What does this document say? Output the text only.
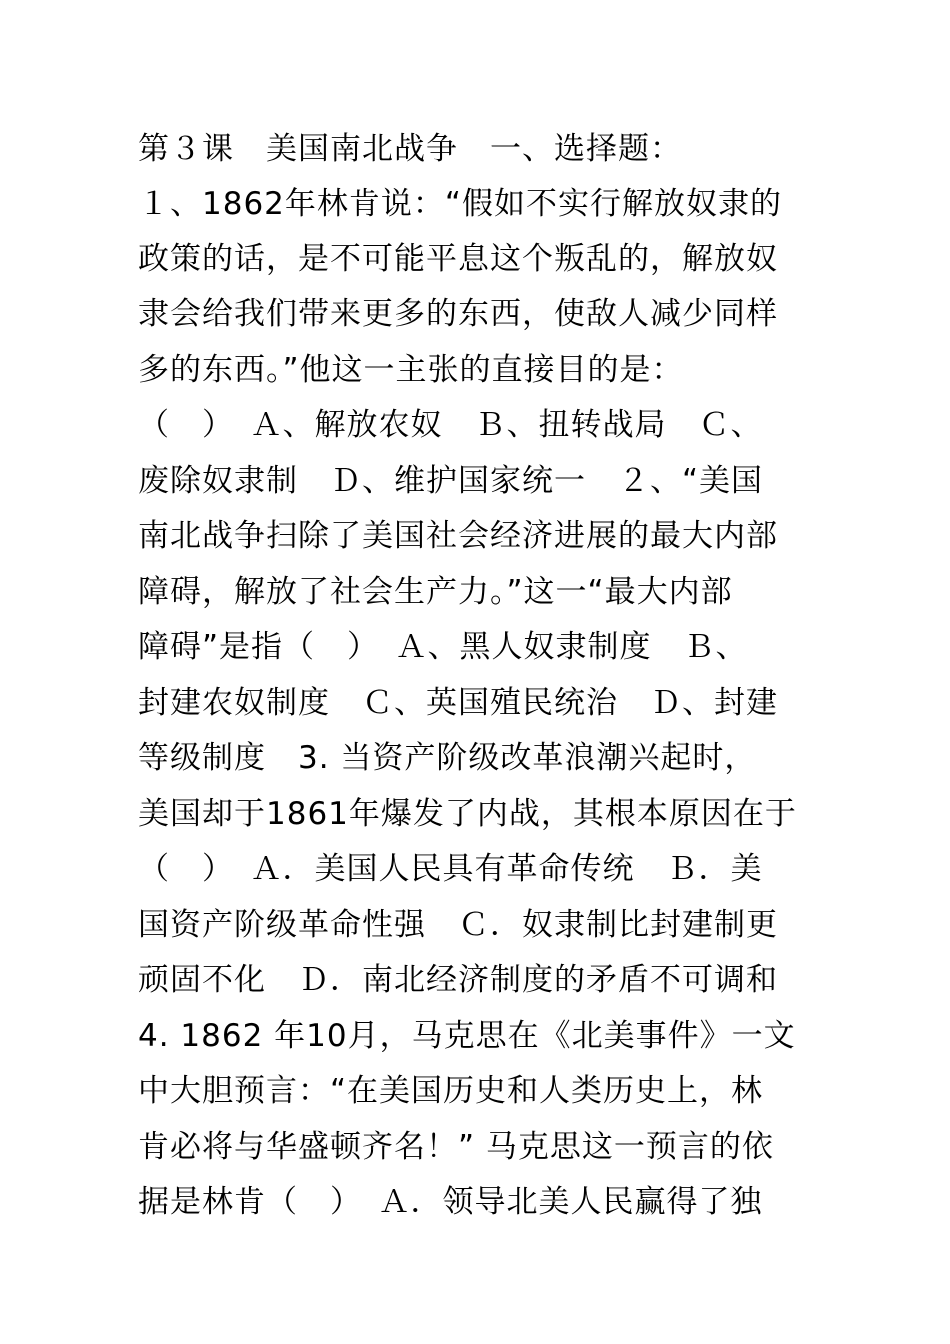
第３课　美国南北战争　一、选择题：
１、1862年林肯说：“假如不实行解放奴隶的
政策的话，是不可能平息这个叛乱的，解放奴
隶会给我们带来更多的东西，使敌人减少同样
多的东西。”他这一主张的直接目的是：
（　）　Ａ、解放农奴　Ｂ、扭转战局　Ｃ、
废除奴隶制　Ｄ、维护国家统一　２、“美国
南北战争扫除了美国社会经济进展的最大内部
障碍，解放了社会生产力。”这一“最大内部
障碍”是指（　）　Ａ、黑人奴隶制度　Ｂ、
封建农奴制度　Ｃ、英国殖民统治　Ｄ、封建
等级制度　3. 当资产阶级改革浪潮兴起时，
美国却于1861年爆发了内战，其根本原因在于
（　）　Ａ．美国人民具有革命传统　Ｂ．美
国资产阶级革命性强　Ｃ．奴隶制比封建制更
顽固不化　Ｄ．南北经济制度的矛盾不可调和
4. 1862 年10月，马克思在《北美事件》一文
中大胆预言：“在美国历史和人类历史上，林
肯必将与华盛顿齐名！” 马克思这一预言的依
据是林肯（　）　Ａ．领导北美人民赢得了独
